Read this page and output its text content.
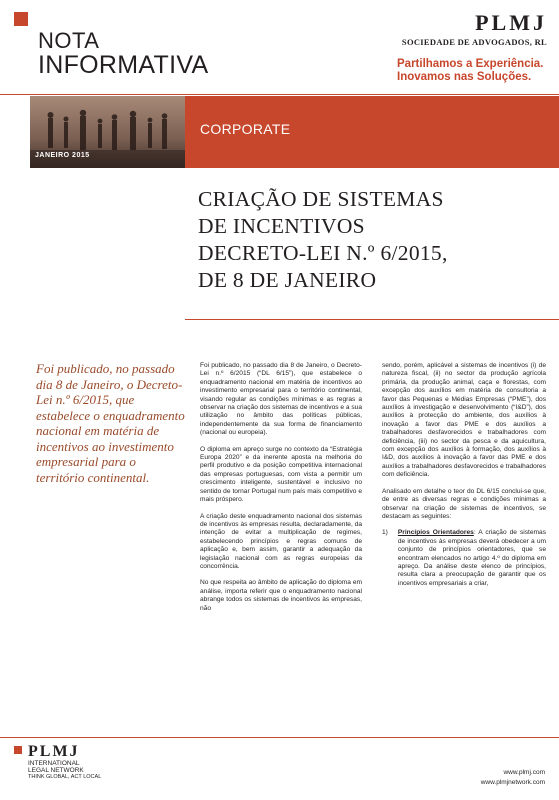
NOTA
INFORMATIVA
PLMJ
SOCIEDADE DE ADVOGADOS, RL
Partilhamos a Experiência.
Inovamos nas Soluções.
CORPORATE
JANEIRO 2015
CRIAÇÃO DE SISTEMAS
DE INCENTIVOS
DECRETO-LEI N.º 6/2015,
DE 8 DE JANEIRO
Foi publicado, no passado dia 8 de Janeiro, o Decreto-Lei n.º 6/2015, que estabelece o enquadramento nacional em matéria de incentivos ao investimento empresarial para o território continental.

Foi publicado, no passado dia 8 de Janeiro, o Decreto-Lei n.º 6/2015 (“DL 6/15”), que estabelece o enquadramento nacional em matéria de incentivos ao investimento empresarial para o território continental, visando regular as condições mínimas e as regras a observar na criação dos sistemas de incentivos e a sua utilização no âmbito das políticas públicas, independentemente da sua forma de financiamento (nacional ou europeia).

O diploma em apreço surge no contexto da “Estratégia Europa 2020” e da inerente aposta na melhoria do perfil produtivo e da posição competitiva internacional das empresas portuguesas, com vista a permitir um crescimento inteligente, sustentável e inclusivo no sentido de tornar Portugal num país mais competitivo e mais próspero.

A criação deste enquadramento nacional dos sistemas de incentivos às empresas resulta, declaradamente, da intenção de evitar a multiplicação de regimes, estabelecendo princípios e regras comuns de aplicação e, bem assim, garantir a adequação da legislação nacional com as regras europeias da concorrência.

No que respeita ao âmbito de aplicação do diploma em análise, importa referir que o enquadramento nacional abrange todos os sistemas de incentivos às empresas, não

sendo, porém, aplicável a sistemas de incentivos (i) de natureza fiscal, (ii) no sector da produção agrícola primária, da produção animal, caça e florestas, com excepção dos auxílios em matéria de consultoria a favor das Pequenas e Médias Empresas (“PME”), dos auxílios à investigação e desenvolvimento (“I&D”), dos auxílios à protecção do ambiente, dos auxílios à inovação a favor das PME e dos auxílios a trabalhadores desfavorecidos e trabalhadores com deficiência, (iii) no sector da pesca e da aquicultura, com excepção dos auxílios à formação, dos auxílios à I&D, dos auxílios à inovação a favor das PME e dos auxílios a trabalhadores desfavorecidos e trabalhadores com deficiência.

Analisado em detalhe o teor do DL 6/15 conclui-se que, de entre as diversas regras e condições mínimas a observar na criação de sistemas de incentivos, se destacam as seguintes:

1) Princípios Orientadores: A criação de sistemas de incentivos às empresas deverá obedecer a um conjunto de princípios orientadores, que se encontram elencados no artigo 4.º do diploma em apreço. Da análise deste elenco de princípios, resulta clara a preocupação de garantir que os incentivos empresariais a criar,
PLMJ
INTERNATIONAL
LEGAL NETWORK
THINK GLOBAL, ACT LOCAL
www.plmj.com
www.plmjnetwork.com
